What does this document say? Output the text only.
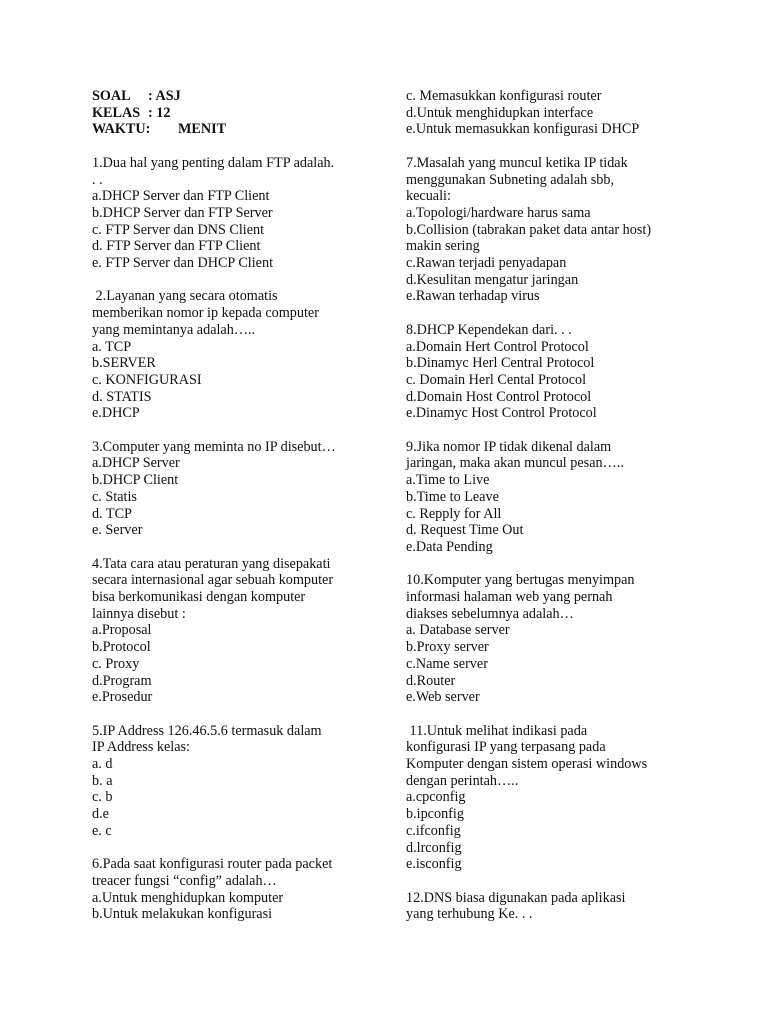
SOAL : ASJ
KELAS : 12
WAKTU: MENIT
1.Dua hal yang penting dalam FTP adalah.
. .
a.DHCP Server dan FTP Client
b.DHCP Server dan FTP Server
c. FTP Server dan DNS Client
d. FTP Server dan FTP Client
e. FTP Server dan DHCP Client
2.Layanan yang secara otomatis
memberikan nomor ip kepada computer
yang memintanya adalah…..
a. TCP
b.SERVER
c. KONFIGURASI
d. STATIS
e.DHCP
3.Computer yang meminta no IP disebut…
a.DHCP Server
b.DHCP Client
c. Statis
d. TCP
e. Server
4.Tata cara atau peraturan yang disepakati
secara internasional agar sebuah komputer
bisa berkomunikasi dengan komputer
lainnya disebut :
a.Proposal
b.Protocol
c. Proxy
d.Program
e.Prosedur
5.IP Address 126.46.5.6 termasuk dalam
IP Address kelas:
a. d
b. a
c. b
d.e
e. c
6.Pada saat konfigurasi router pada packet
treacer fungsi “config” adalah…
a.Untuk menghidupkan komputer
b.Untuk melakukan konfigurasi
c. Memasukkan konfigurasi router
d.Untuk menghidupkan interface
e.Untuk memasukkan konfigurasi DHCP
7.Masalah yang muncul ketika IP tidak
menggunakan Subneting adalah sbb,
kecuali:
a.Topologi/hardware harus sama
b.Collision (tabrakan paket data antar host)
makin sering
c.Rawan terjadi penyadapan
d.Kesulitan mengatur jaringan
e.Rawan terhadap virus
8.DHCP Kependekan dari. . .
a.Domain Hert Control Protocol
b.Dinamyc Herl Central Protocol
c. Domain Herl Cental Protocol
d.Domain Host Control Protocol
e.Dinamyc Host Control Protocol
9.Jika nomor IP tidak dikenal dalam
jaringan, maka akan muncul pesan…..
a.Time to Live
b.Time to Leave
c. Repply for All
d. Request Time Out
e.Data Pending
10.Komputer yang bertugas menyimpan
informasi halaman web yang pernah
diakses sebelumnya adalah…
a. Database server
b.Proxy server
c.Name server
d.Router
e.Web server
11.Untuk melihat indikasi pada
konfigurasi IP yang terpasang pada
Komputer dengan sistem operasi windows
dengan perintah…..
a.cpconfig
b.ipconfig
c.ifconfig
d.lrconfig
e.isconfig
12.DNS biasa digunakan pada aplikasi
yang terhubung Ke. . .
